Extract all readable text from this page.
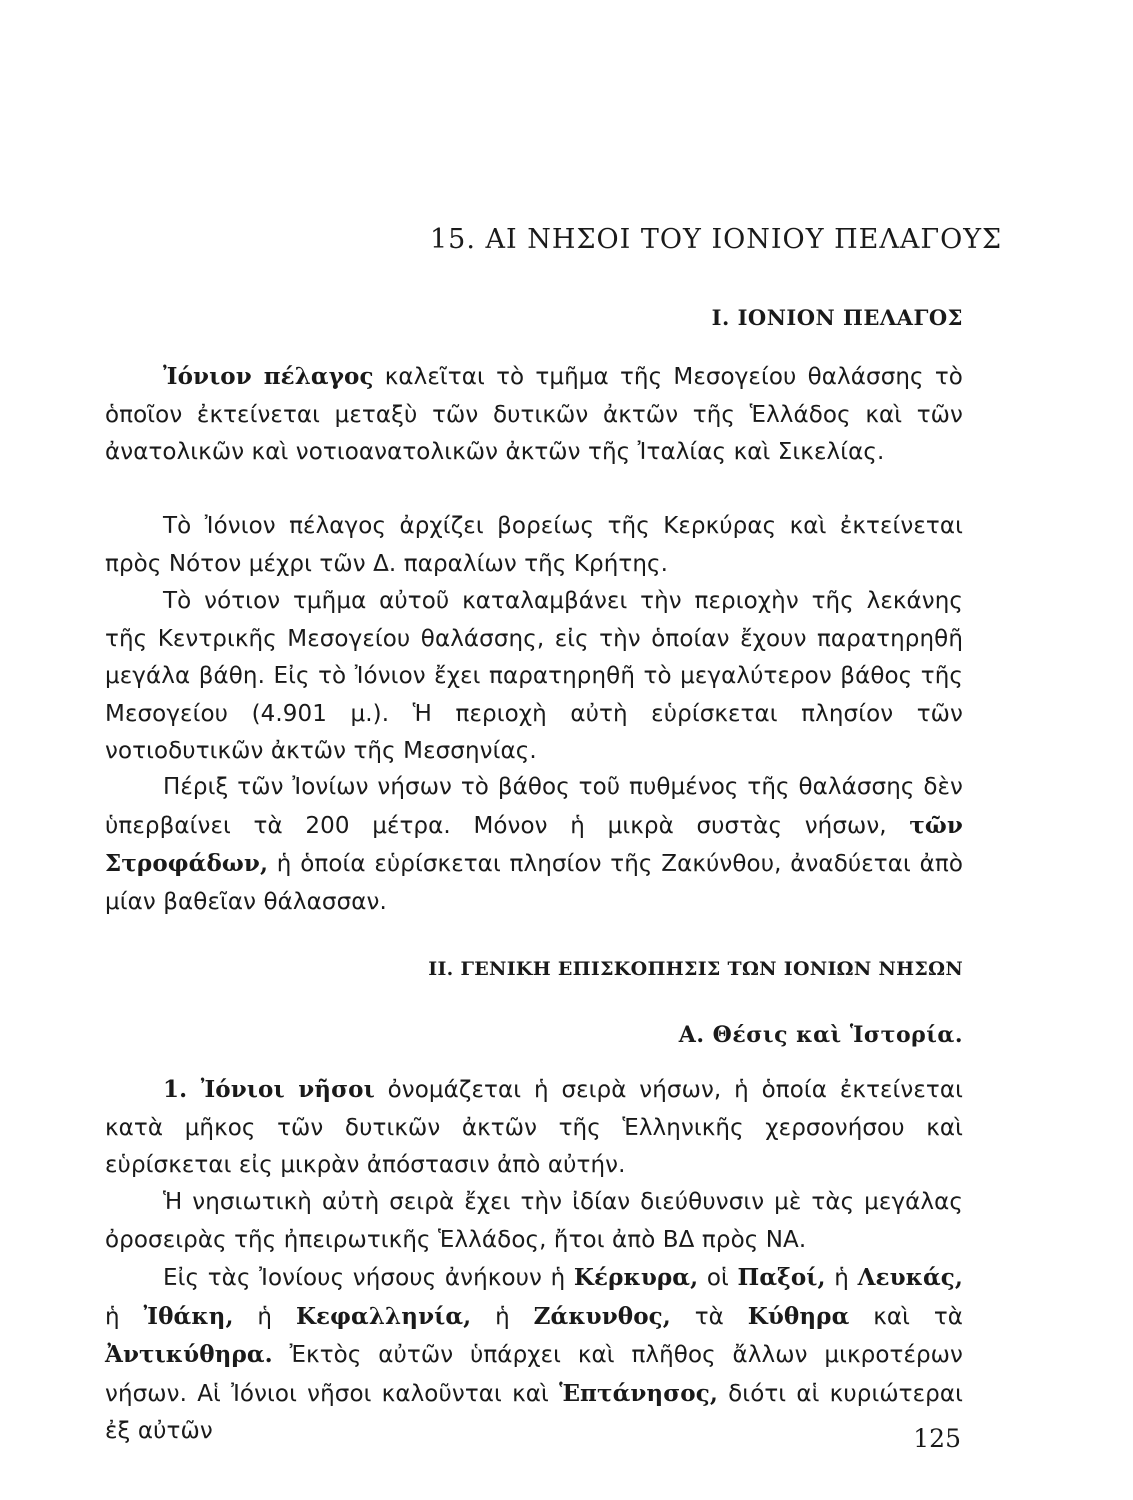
15. ΑΙ ΝΗΣΟΙ ΤΟΥ ΙΟΝΙΟΥ ΠΕΛΑΓΟΥΣ
Ι. ΙΟΝΙΟΝ ΠΕΛΑΓΟΣ

Ἰόνιον πέλαγος καλεῖται τὸ τμῆμα τῆς Μεσογείου θαλάσσης τὸ ὁποῖον ἐκτείνεται μεταξὺ τῶν δυτικῶν ἀκτῶν τῆς Ἑλλάδος καὶ τῶν ἀνατολικῶν καὶ νοτιοανατολικῶν ἀκτῶν τῆς Ἰταλίας καὶ Σικελίας.

Τὸ Ἰόνιον πέλαγος ἀρχίζει βορείως τῆς Κερκύρας καὶ ἐκτείνεται πρὸς Νότον μέχρι τῶν Δ. παραλίων τῆς Κρήτης.

Τὸ νότιον τμῆμα αὐτοῦ καταλαμβάνει τὴν περιοχὴν τῆς λεκάνης τῆς Κεντρικῆς Μεσογείου θαλάσσης, εἰς τὴν ὁποίαν ἔχουν παρατηρηθῆ μεγάλα βάθη. Εἰς τὸ Ἰόνιον ἔχει παρατηρηθῆ τὸ μεγαλύτερον βάθος τῆς Μεσογείου (4.901 μ.). Ἡ περιοχὴ αὐτὴ εὑρίσκεται πλησίον τῶν νοτιοδυτικῶν ἀκτῶν τῆς Μεσσηνίας.

Πέριξ τῶν Ἰονίων νήσων τὸ βάθος τοῦ πυθμένος τῆς θαλάσσης δὲν ὑπερβαίνει τὰ 200 μέτρα. Μόνον ἡ μικρὰ συστὰς νήσων, τῶν Στροφάδων, ἡ ὁποία εὑρίσκεται πλησίον τῆς Ζακύνθου, ἀναδύεται ἀπὸ μίαν βαθεῖαν θάλασσαν.

ΙΙ. ΓΕΝΙΚΗ ΕΠΙΣΚΟΠΗΣΙΣ ΤΩΝ ΙΟΝΙΩΝ ΝΗΣΩΝ
Α. Θέσις καὶ Ἱστορία.

1. Ἰόνιοι νῆσοι ὀνομάζεται ἡ σειρὰ νήσων, ἡ ὁποία ἐκτείνεται κατὰ μῆκος τῶν δυτικῶν ἀκτῶν τῆς Ἑλληνικῆς χερσονήσου καὶ εὑρίσκεται εἰς μικρὰν ἀπόστασιν ἀπὸ αὐτήν.

Ἡ νησιωτικὴ αὐτὴ σειρὰ ἔχει τὴν ἰδίαν διεύθυνσιν μὲ τὰς μεγάλας ὀροσειρὰς τῆς ἠπειρωτικῆς Ἑλλάδος, ἤτοι ἀπὸ ΒΔ πρὸς ΝΑ.

Εἰς τὰς Ἰονίους νήσους ἀνήκουν ἡ Κέρκυρα, οἱ Παξοί, ἡ Λευκάς, ἡ Ἰθάκη, ἡ Κεφαλληνία, ἡ Ζάκυνθος, τὰ Κύθηρα καὶ τὰ Ἀντικύθηρα. Ἐκτὸς αὐτῶν ὑπάρχει καὶ πλῆθος ἄλλων μικροτέρων νήσων. Αἱ Ἰόνιοι νῆσοι καλοῦνται καὶ Ἑπτάνησος, διότι αἱ κυριώτεραι ἐξ αὐτῶν	125
